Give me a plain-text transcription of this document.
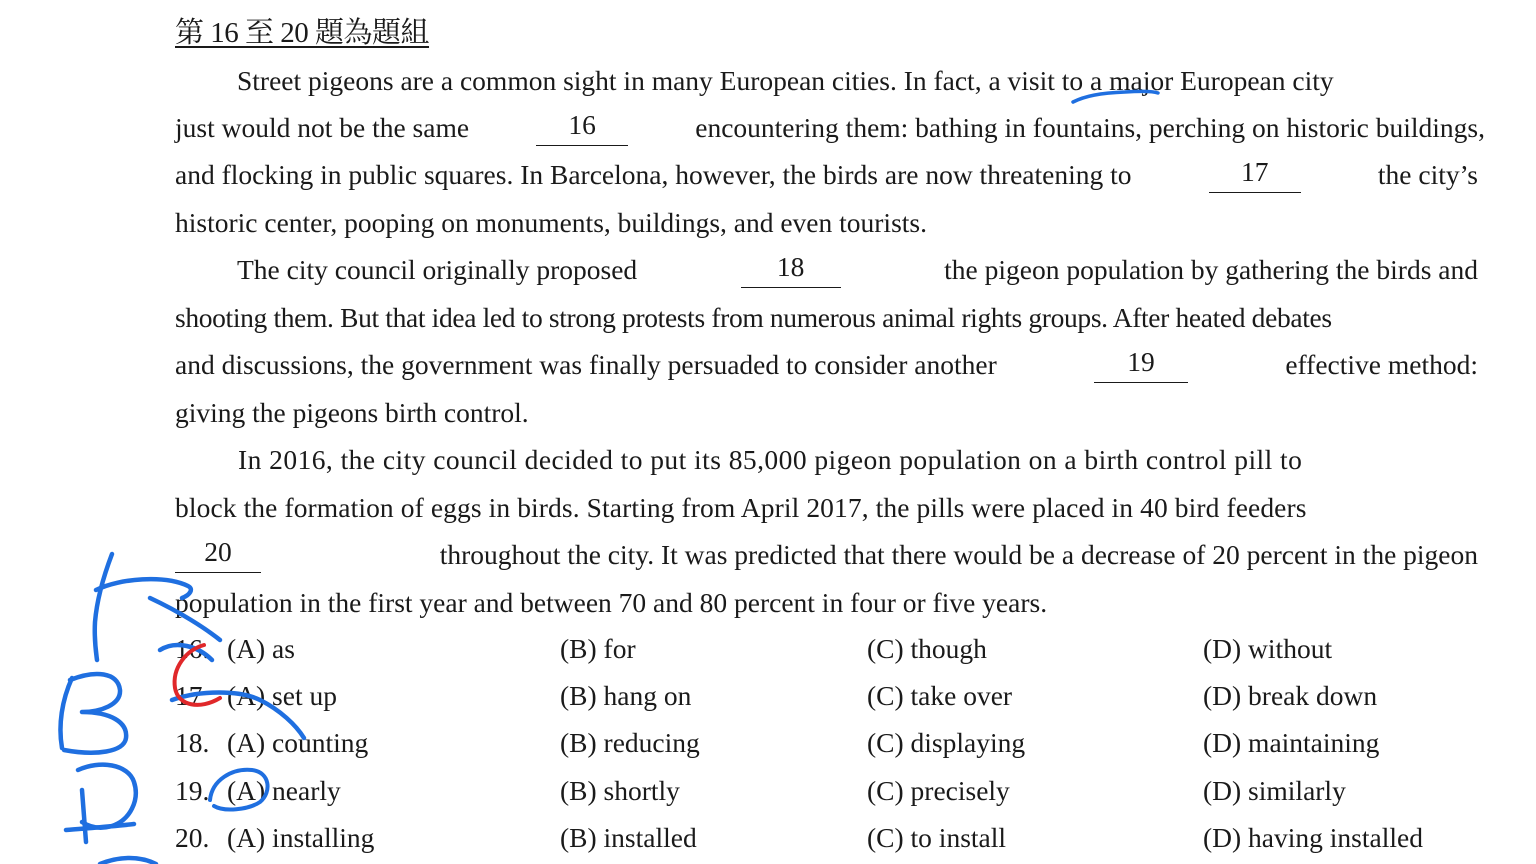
第 16 至 20 題為題組
Street pigeons are a common sight in many European cities. In fact, a visit to a major European city
just would not be the same	16	encountering them: bathing in fountains, perching on historic buildings,
and flocking in public squares. In Barcelona, however, the birds are now threatening to	17	the city’s
historic center, pooping on monuments, buildings, and even tourists.
The city council originally proposed	18	the pigeon population by gathering the birds and
shooting them. But that idea led to strong protests from numerous animal rights groups. After heated debates
and discussions, the government was finally persuaded to consider another	19	effective method:
giving the pigeons birth control.
In 2016, the city council decided to put its 85,000 pigeon population on a birth control pill to
block the formation of eggs in birds. Starting from April 2017, the pills were placed in 40 bird feeders
20	throughout the city. It was predicted that there would be a decrease of 20 percent in the pigeon
population in the first year and between 70 and 80 percent in four or five years.
16. (A) as	(B) for	(C) though	(D) without
17. (A) set up	(B) hang on	(C) take over	(D) break down
18. (A) counting	(B) reducing	(C) displaying	(D) maintaining
19. (A) nearly	(B) shortly	(C) precisely	(D) similarly
20. (A) installing	(B) installed	(C) to install	(D) having installed
